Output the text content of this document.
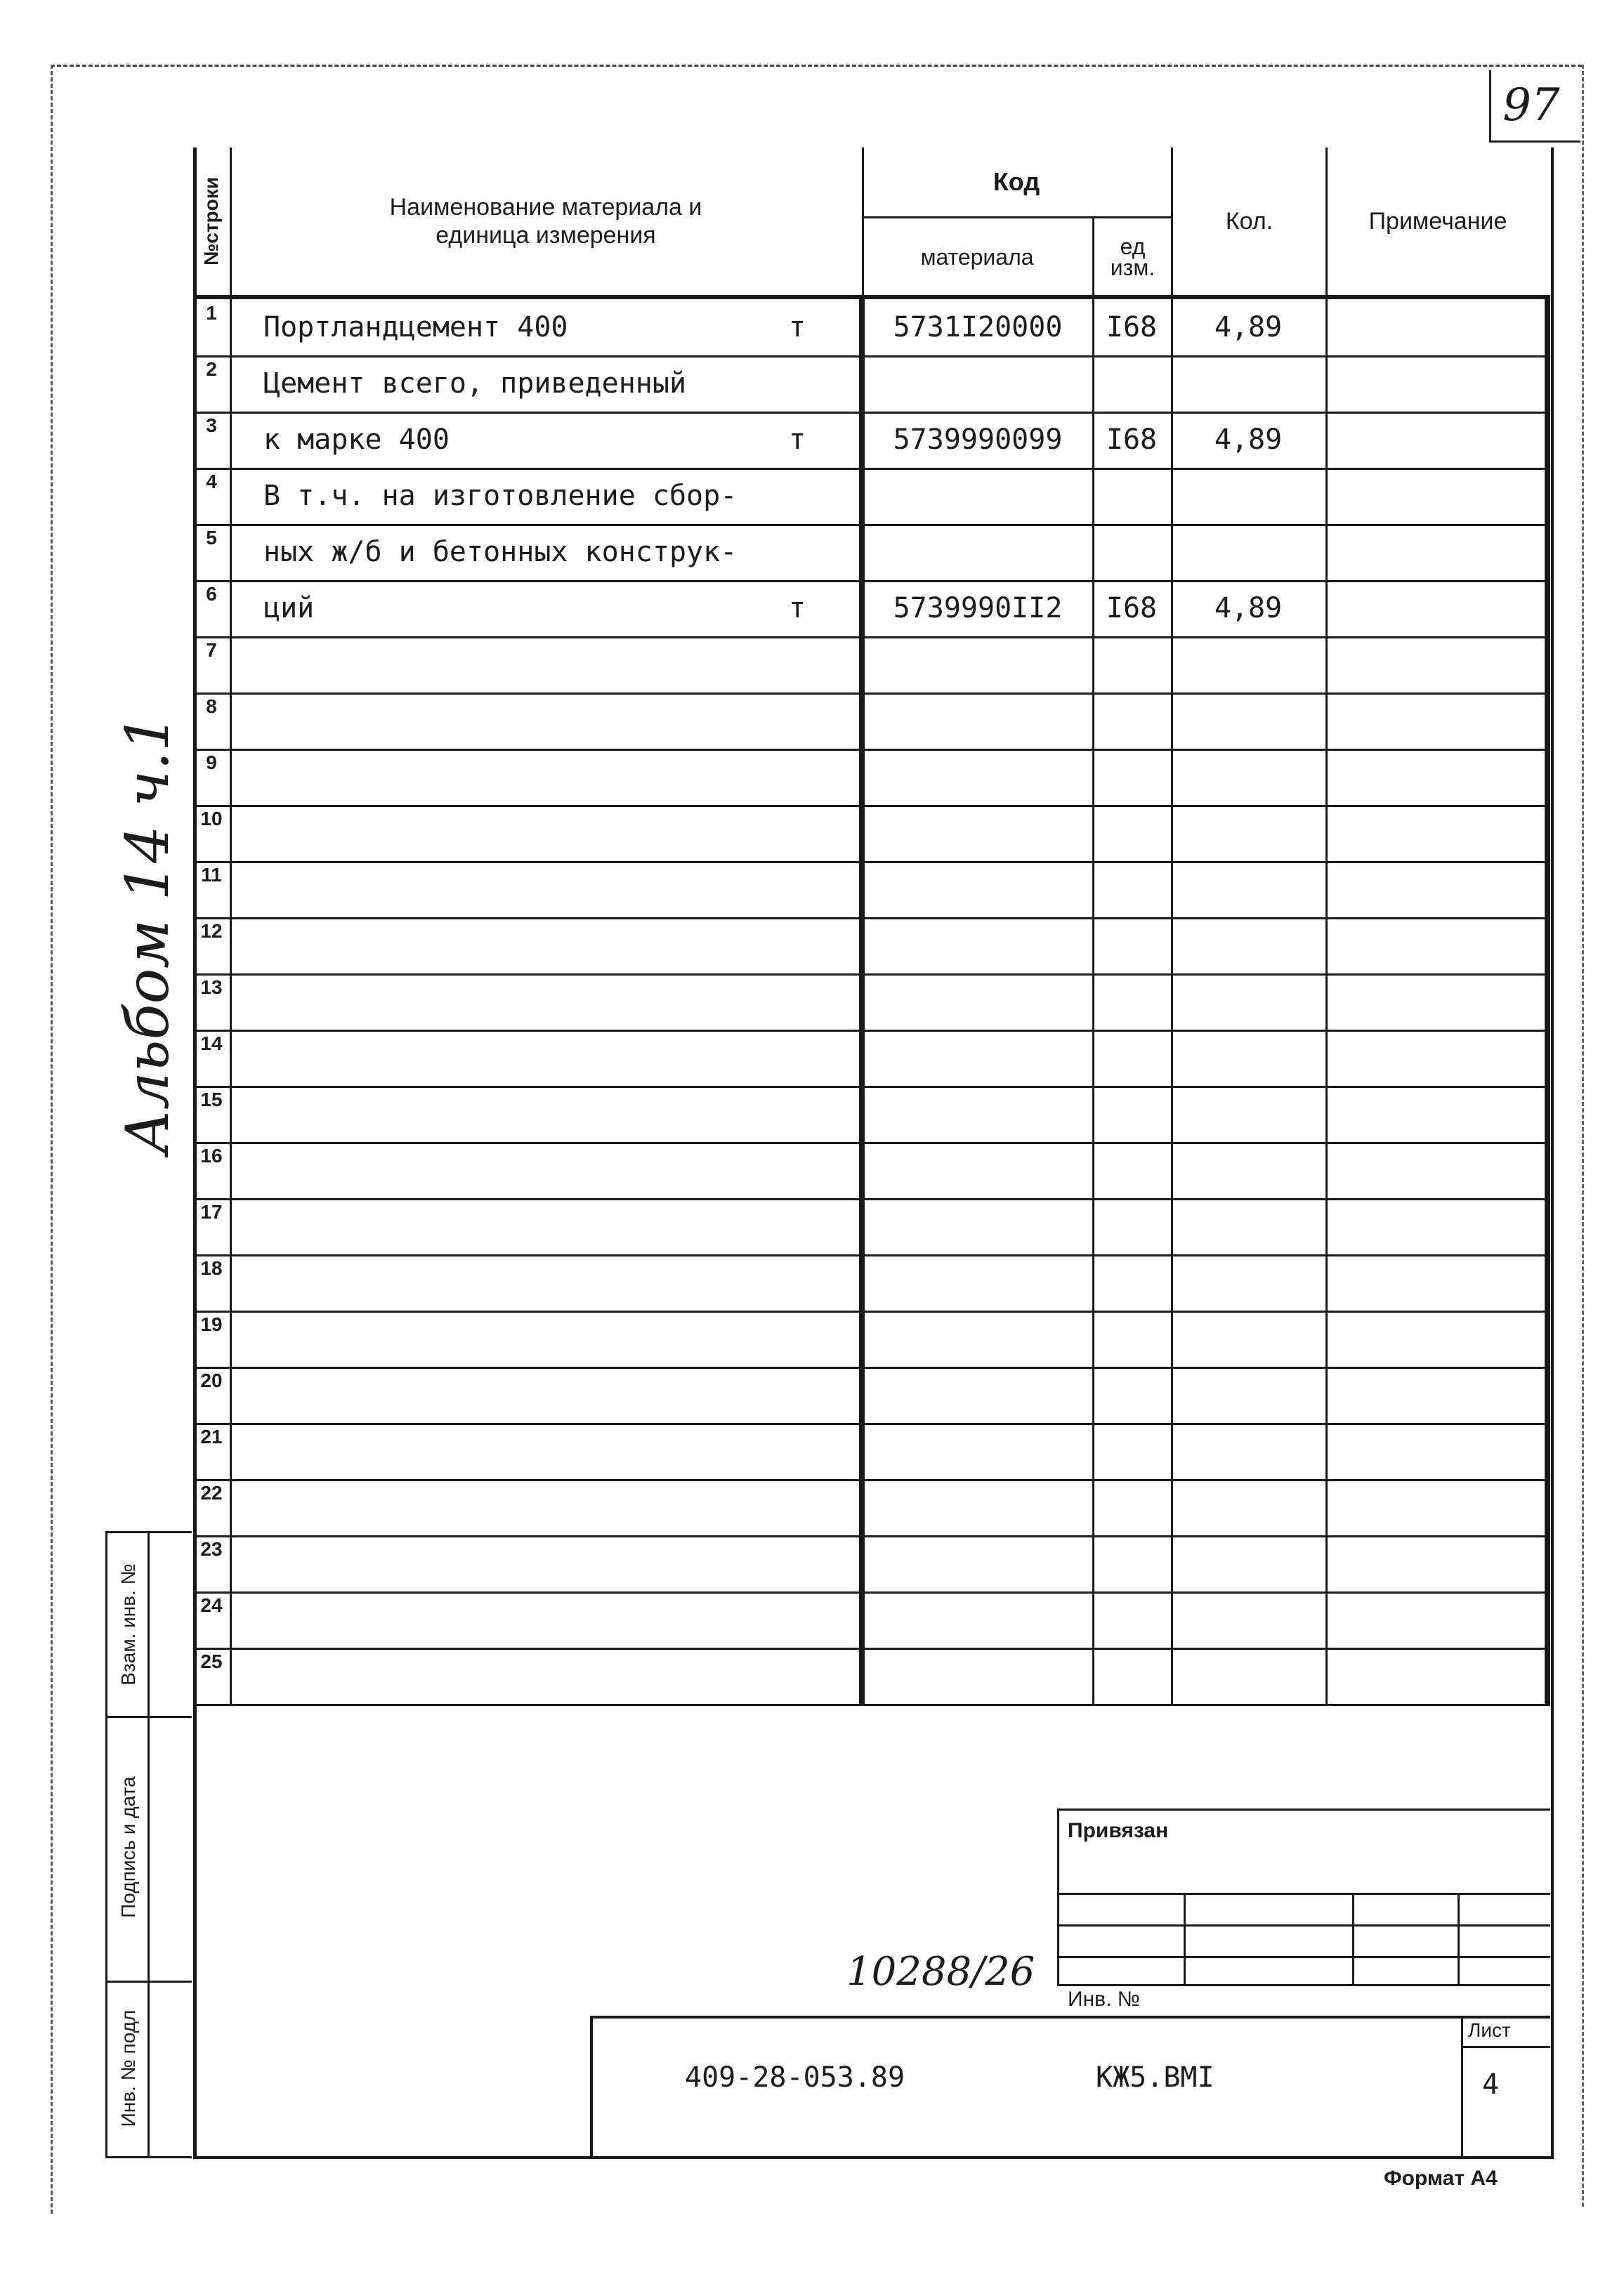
97
Альбом 14 ч.1
Взам. инв. №
Подпись и дата
Инв. № подл
№строки	Наименование материала и
единица измерения
Код
материала	ед
изм.
Кол.	Примечание
1	Портландцемент 400	т	5731I20000	I68	4,89
2	Цемент всего, приведенный
3	к марке 400	т	5739990099	I68	4,89
4	В т.ч. на изготовление сбор-
5	ных ж/б и бетонных конструк-
6	ций	т	5739990II2	I68	4,89
7
8
9
10
11
12
13
14
15
16
17
18
19
20
21
22
23
24
25
Привязан
Инв. №
10288/26
409-28-053.89	КЖ5.ВМI
Лист
4
Формат А4
